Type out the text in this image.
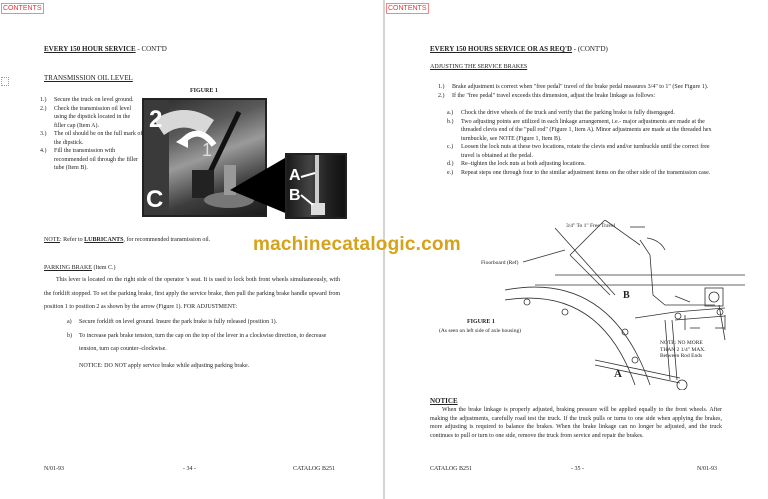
CONTENTS
EVERY 150 HOUR SERVICE - CONT'D
TRANSMISSION OIL LEVEL
1.) Secure the truck on level ground.
2.) Check the transmission oil level using the dipstick located in the filler cap (Item A).
3.) The oil should be on the full mark of the dipstick.
4.) Fill the transmission with recommended oil through the filler tube (Item B).
FIGURE 1
2
1
C
A
B
NOTE: Refer to LUBRICANTS, for recommended transmission oil.
PARKING BRAKE (Item C.)
This lever is located on the right side of the operator 's seat. It is used to lock both front wheels simultaneously, with the forklift stopped. To set the parking brake, first apply the service brake, then pull the parking brake handle upward from position 1 to position 2 as shown by the arrow (Figure 1). FOR ADJUSTMENT:
a) Secure forklift on level ground. Insure the park brake is fully released (position 1).
b) To increase park brake tension, turn the cap on the top of the lever in a clockwise direction, to decrease tension, turn cap counter–clockwise.
NOTICE: DO NOT apply service brake while adjusting parking brake.
N/01-93	- 34 -	CATALOG B251
CONTENTS
EVERY 150 HOURS SERVICE OR AS REQ'D - (CONT'D)
ADJUSTING THE SERVICE BRAKES
1.) Brake adjustment is correct when "free pedal" travel of the brake pedal measures 3/4" to 1" (See Figure 1).
2.) If the "free pedal" travel exceeds this dimension, adjust the brake linkage as follows:
a.) Chock the drive wheels of the truck and verify that the parking brake is fully disengaged.
b.) Two adjusting points are utilized in each linkage arrangement, i.e.- major adjustments are made at the threaded clevis end of the "pull rod" (Figure 1, Item A). Minor adjustments are made at the threaded hex turnbuckle, see NOTE (Figure 1, Item B).
c.) Loosen the lock nuts at these two locations, rotate the clevis end and/or turnbuckle until the correct free travel is obtained at the pedal.
d.) Re–tighten the lock nuts at both adjusting locations.
e.) Repeat steps one through four to the similar adjustment items on the other side of the transmission case.
3/4" To 1" Free Travel
Floorboard (Ref)
B
A
NOTE: NO MORE
THAN 2 1/4" MAX.
Between Rod Ends
FIGURE 1
(As seen on left side of axle housing)
NOTICE
When the brake linkage is properly adjusted, braking pressure will be applied equally to the front wheels. After making the adjustments, carefully road test the truck. If the truck pulls or turns to one side when applying the brakes, more adjusting is required to balance the brakes. When the brake linkage can no longer be adjusted, and the truck continues to pull or turn to one side, remove the truck from service and repair the brakes.
CATALOG B251	- 35 -	N/01-93
machinecatalogic.com
